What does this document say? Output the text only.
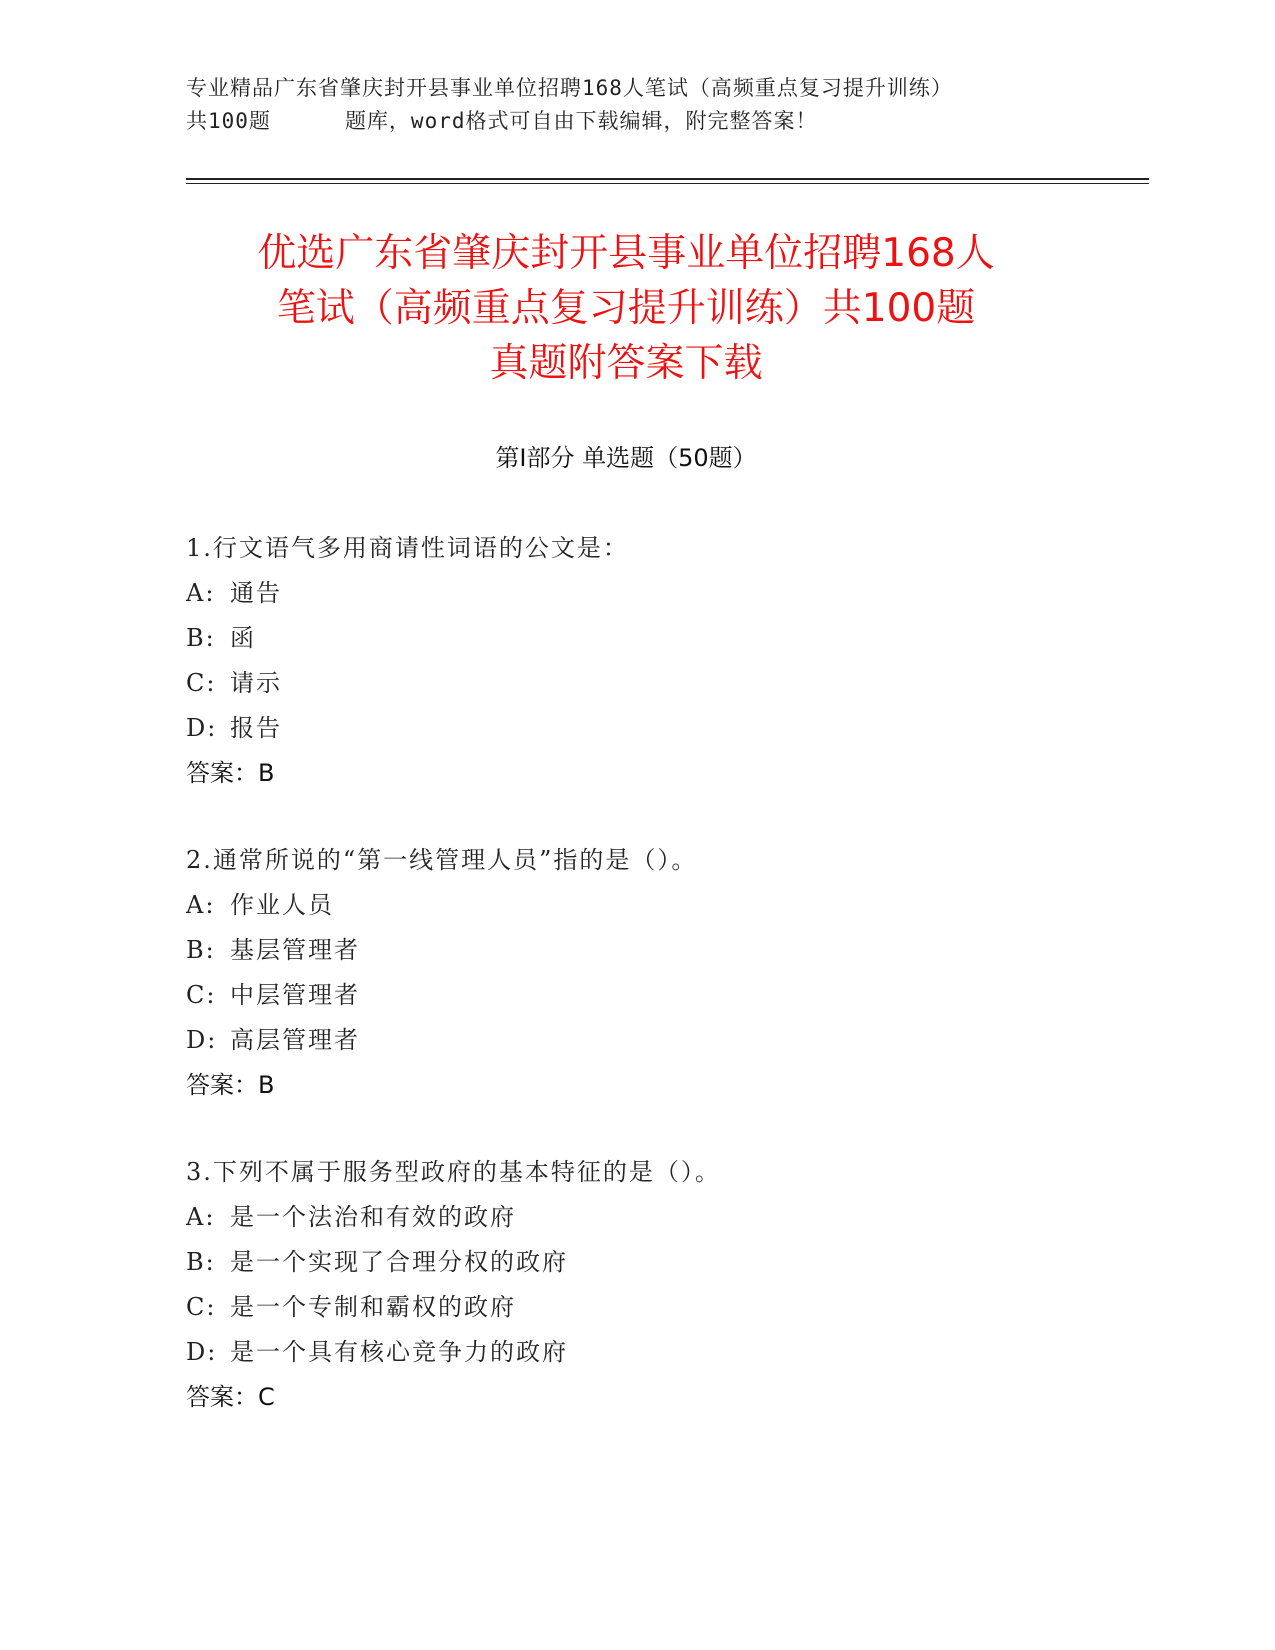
专业精品广东省肇庆封开县事业单位招聘168人笔试（高频重点复习提升训练）
共100题	题库，word格式可自由下载编辑，附完整答案！
优选广东省肇庆封开县事业单位招聘168人
笔试（高频重点复习提升训练）共100题
真题附答案下载
第Ⅰ部分 单选题（50题）
1.行文语气多用商请性词语的公文是：
A: 通告
B: 函
C: 请示
D: 报告
答案：B
2.通常所说的“第一线管理人员”指的是（）。
A: 作业人员
B: 基层管理者
C: 中层管理者
D: 高层管理者
答案：B
3.下列不属于服务型政府的基本特征的是（）。
A: 是一个法治和有效的政府
B: 是一个实现了合理分权的政府
C: 是一个专制和霸权的政府
D: 是一个具有核心竞争力的政府
答案：C
